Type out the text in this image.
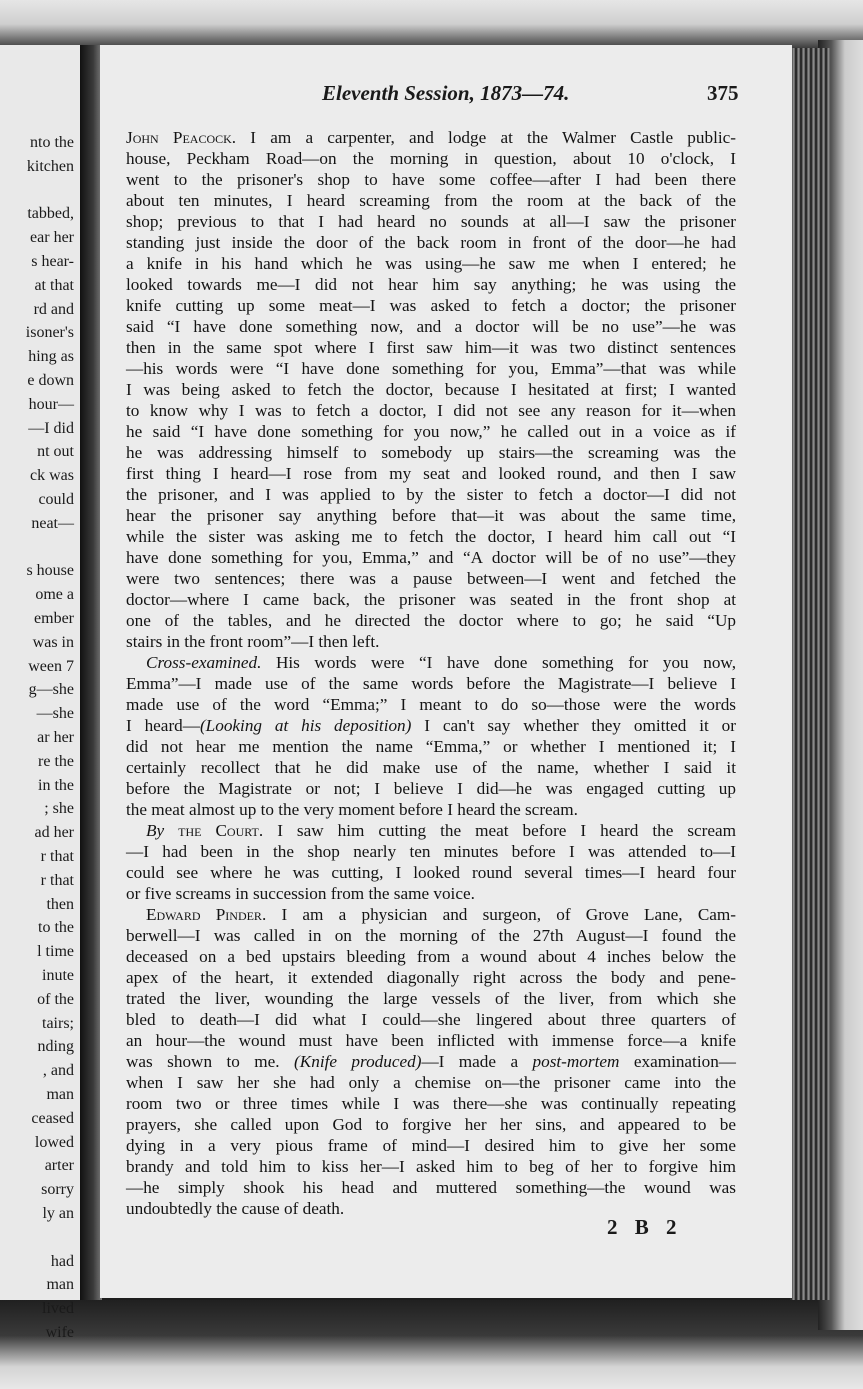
nto the
kitchen
tabbed,
ear her
s hear-
at that
rd and
isoner's
hing as
e down
hour—
—I did
nt out
ck was
could
neat—
s house
ome a
ember
was in
ween 7
g—she
—she
ar her
re the
in the
; she
ad her
r that
r that
then
to the
l time
inute
of the
tairs;
nding
, and
man
ceased
lowed
arter
sorry
ly an
had
man
lived
wife
Eleventh Session, 1873—74.	375
John Peacock. I am a carpenter, and lodge at the Walmer Castle public-
house, Peckham Road—on the morning in question, about 10 o'clock, I
went to the prisoner's shop to have some coffee—after I had been there
about ten minutes, I heard screaming from the room at the back of the
shop; previous to that I had heard no sounds at all—I saw the prisoner
standing just inside the door of the back room in front of the door—he had
a knife in his hand which he was using—he saw me when I entered; he
looked towards me—I did not hear him say anything; he was using the
knife cutting up some meat—I was asked to fetch a doctor; the prisoner
said “I have done something now, and a doctor will be no use”—he was
then in the same spot where I first saw him—it was two distinct sentences
—his words were “I have done something for you, Emma”—that was while
I was being asked to fetch the doctor, because I hesitated at first; I wanted
to know why I was to fetch a doctor, I did not see any reason for it—when
he said “I have done something for you now,” he called out in a voice as if
he was addressing himself to somebody up stairs—the screaming was the
first thing I heard—I rose from my seat and looked round, and then I saw
the prisoner, and I was applied to by the sister to fetch a doctor—I did not
hear the prisoner say anything before that—it was about the same time,
while the sister was asking me to fetch the doctor, I heard him call out “I
have done something for you, Emma,” and “A doctor will be of no use”—they
were two sentences; there was a pause between—I went and fetched the
doctor—where I came back, the prisoner was seated in the front shop at
one of the tables, and he directed the doctor where to go; he said “Up
stairs in the front room”—I then left.
Cross-examined. His words were “I have done something for you now,
Emma”—I made use of the same words before the Magistrate—I believe I
made use of the word “Emma;” I meant to do so—those were the words
I heard—(Looking at his deposition) I can't say whether they omitted it or
did not hear me mention the name “Emma,” or whether I mentioned it; I
certainly recollect that he did make use of the name, whether I said it
before the Magistrate or not; I believe I did—he was engaged cutting up
the meat almost up to the very moment before I heard the scream.
By the Court. I saw him cutting the meat before I heard the scream
—I had been in the shop nearly ten minutes before I was attended to—I
could see where he was cutting, I looked round several times—I heard four
or five screams in succession from the same voice.
Edward Pinder. I am a physician and surgeon, of Grove Lane, Cam-
berwell—I was called in on the morning of the 27th August—I found the
deceased on a bed upstairs bleeding from a wound about 4 inches below the
apex of the heart, it extended diagonally right across the body and pene-
trated the liver, wounding the large vessels of the liver, from which she
bled to death—I did what I could—she lingered about three quarters of
an hour—the wound must have been inflicted with immense force—a knife
was shown to me. (Knife produced)—I made a post-mortem examination—
when I saw her she had only a chemise on—the prisoner came into the
room two or three times while I was there—she was continually repeating
prayers, she called upon God to forgive her her sins, and appeared to be
dying in a very pious frame of mind—I desired him to give her some
brandy and told him to kiss her—I asked him to beg of her to forgive him
—he simply shook his head and muttered something—the wound was
undoubtedly the cause of death.
2 B 2
